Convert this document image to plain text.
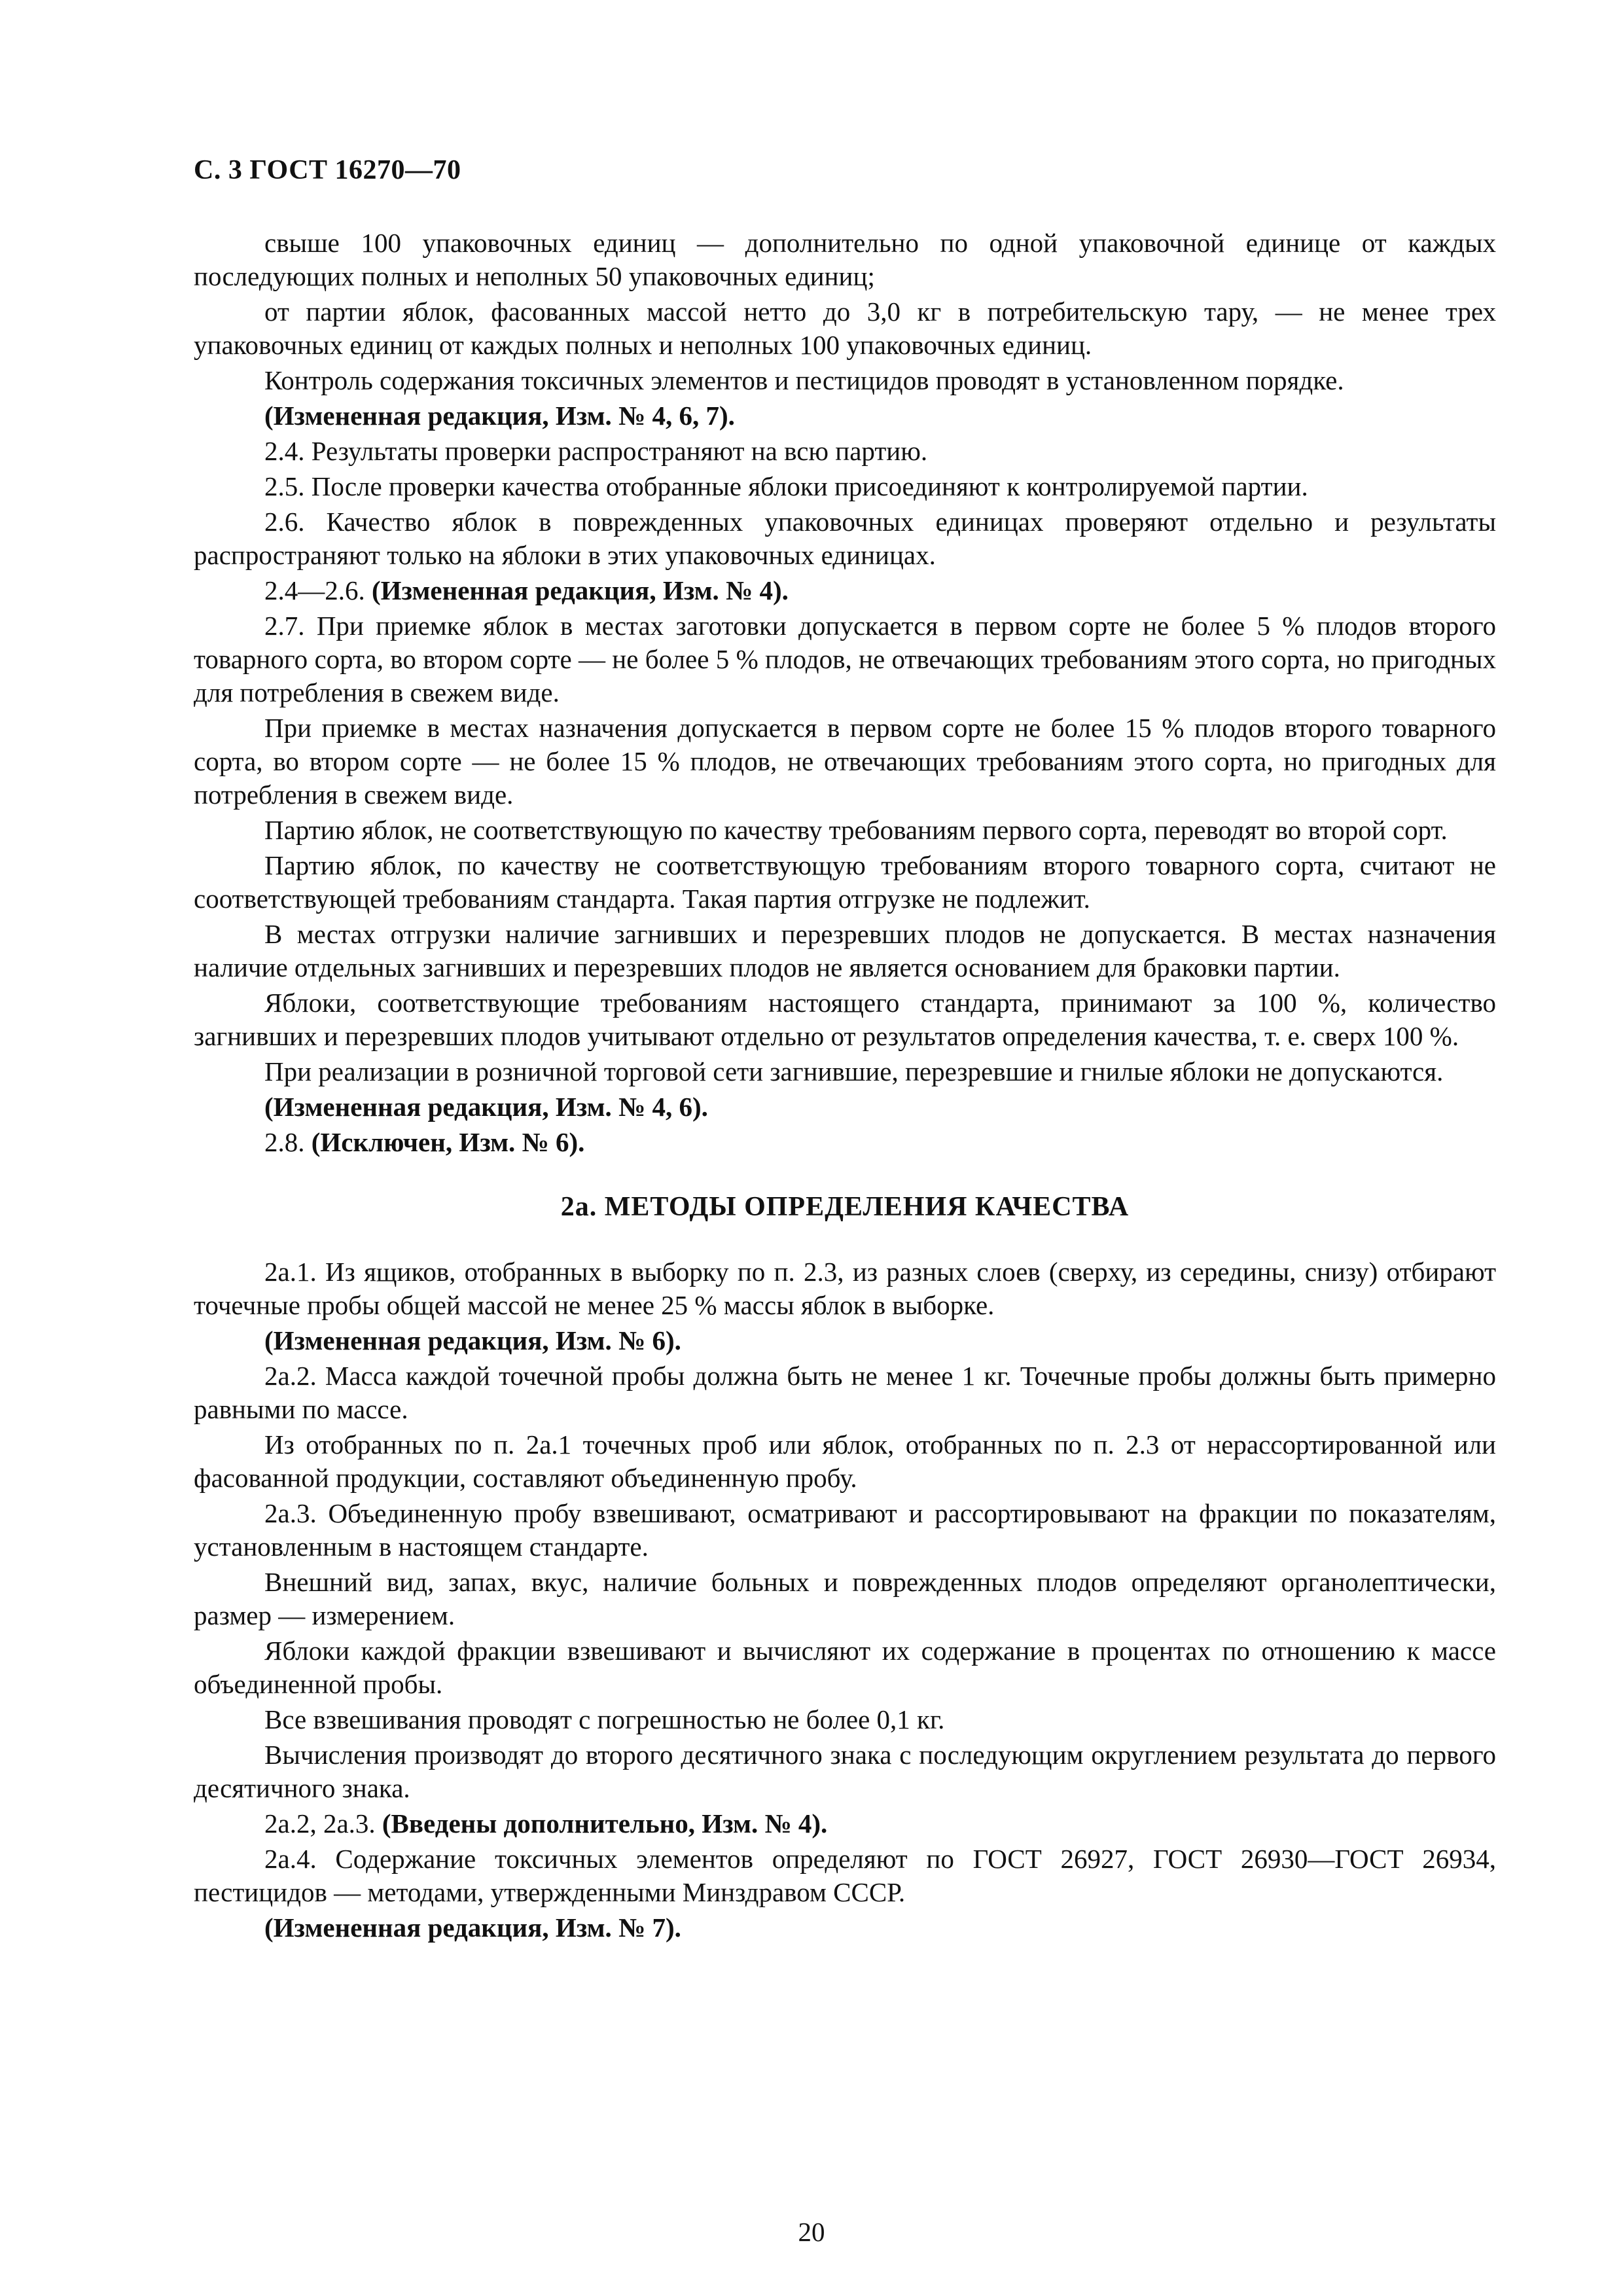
С. 3 ГОСТ 16270—70

свыше 100 упаковочных единиц — дополнительно по одной упаковочной единице от каждых последующих полных и неполных 50 упаковочных единиц;

от партии яблок, фасованных массой нетто до 3,0 кг в потребительскую тару, — не менее трех упаковочных единиц от каждых полных и неполных 100 упаковочных единиц.

Контроль содержания токсичных элементов и пестицидов проводят в установленном порядке.

(Измененная редакция, Изм. № 4, 6, 7).

2.4. Результаты проверки распространяют на всю партию.

2.5. После проверки качества отобранные яблоки присоединяют к контролируемой партии.

2.6. Качество яблок в поврежденных упаковочных единицах проверяют отдельно и результаты распространяют только на яблоки в этих упаковочных единицах.

2.4—2.6. (Измененная редакция, Изм. № 4).

2.7. При приемке яблок в местах заготовки допускается в первом сорте не более 5 % плодов второго товарного сорта, во втором сорте — не более 5 % плодов, не отвечающих требованиям этого сорта, но пригодных для потребления в свежем виде.

При приемке в местах назначения допускается в первом сорте не более 15 % плодов второго товарного сорта, во втором сорте — не более 15 % плодов, не отвечающих требованиям этого сорта, но пригодных для потребления в свежем виде.

Партию яблок, не соответствующую по качеству требованиям первого сорта, переводят во второй сорт.

Партию яблок, по качеству не соответствующую требованиям второго товарного сорта, считают не соответствующей требованиям стандарта. Такая партия отгрузке не подлежит.

В местах отгрузки наличие загнивших и перезревших плодов не допускается. В местах назначения наличие отдельных загнивших и перезревших плодов не является основанием для браковки партии.

Яблоки, соответствующие требованиям настоящего стандарта, принимают за 100 %, количество загнивших и перезревших плодов учитывают отдельно от результатов определения качества, т. е. сверх 100 %.

При реализации в розничной торговой сети загнившие, перезревшие и гнилые яблоки не допускаются.

(Измененная редакция, Изм. № 4, 6).

2.8. (Исключен, Изм. № 6).

2а. МЕТОДЫ ОПРЕДЕЛЕНИЯ КАЧЕСТВА

2а.1. Из ящиков, отобранных в выборку по п. 2.3, из разных слоев (сверху, из середины, снизу) отбирают точечные пробы общей массой не менее 25 % массы яблок в выборке.

(Измененная редакция, Изм. № 6).

2а.2. Масса каждой точечной пробы должна быть не менее 1 кг. Точечные пробы должны быть примерно равными по массе.

Из отобранных по п. 2а.1 точечных проб или яблок, отобранных по п. 2.3 от нерассортированной или фасованной продукции, составляют объединенную пробу.

2а.3. Объединенную пробу взвешивают, осматривают и рассортировывают на фракции по показателям, установленным в настоящем стандарте.

Внешний вид, запах, вкус, наличие больных и поврежденных плодов определяют органолептически, размер — измерением.

Яблоки каждой фракции взвешивают и вычисляют их содержание в процентах по отношению к массе объединенной пробы.

Все взвешивания проводят с погрешностью не более 0,1 кг.

Вычисления производят до второго десятичного знака с последующим округлением результата до первого десятичного знака.

2а.2, 2а.3. (Введены дополнительно, Изм. № 4).

2а.4. Содержание токсичных элементов определяют по ГОСТ 26927, ГОСТ 26930—ГОСТ 26934, пестицидов — методами, утвержденными Минздравом СССР.

(Измененная редакция, Изм. № 7).

20
